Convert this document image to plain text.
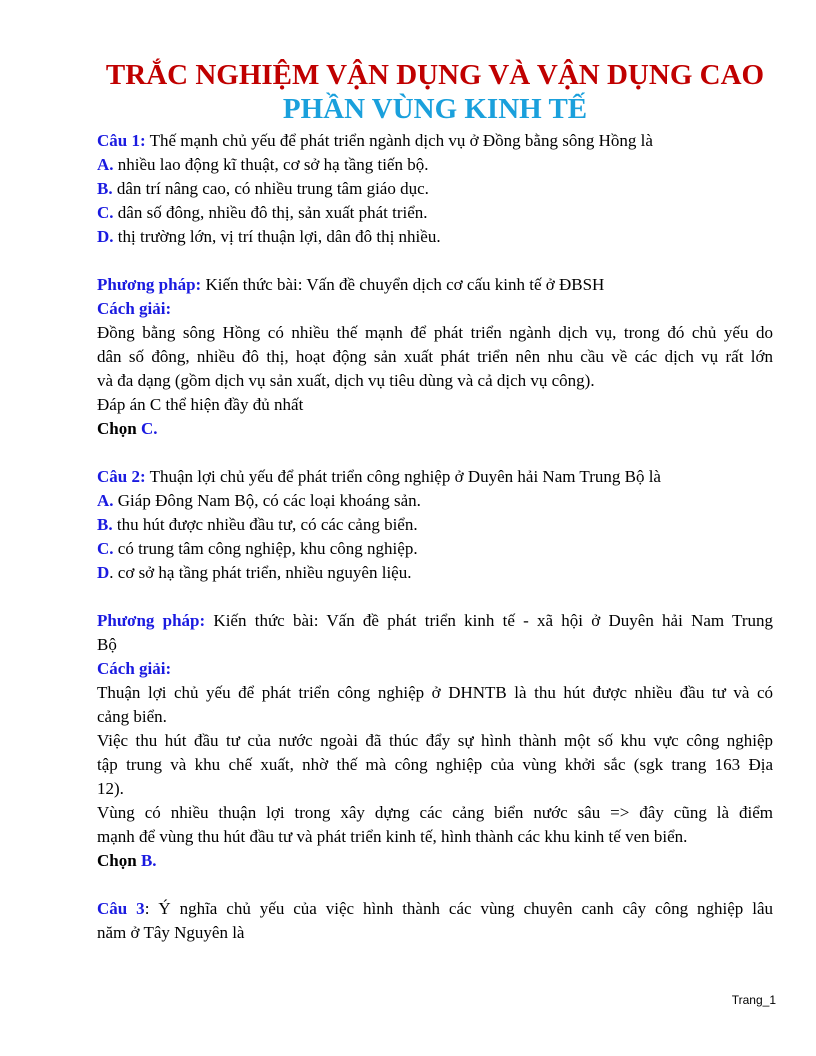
TRẮC NGHIỆM VẬN DỤNG VÀ VẬN DỤNG CAO

PHẦN VÙNG KINH TẾ

Câu 1: Thế mạnh chủ yếu để phát triển ngành dịch vụ ở Đồng bằng sông Hồng là

A. nhiều lao động kĩ thuật, cơ sở hạ tầng tiến bộ.

B. dân trí nâng cao, có nhiều trung tâm giáo dục.

C. dân số đông, nhiều đô thị, sản xuất phát triển.

D. thị trường lớn, vị trí thuận lợi, dân đô thị nhiều.

Phương pháp: Kiến thức bài: Vấn đề chuyển dịch cơ cấu kinh tế ở ĐBSH

Cách giải:

Đồng bằng sông Hồng có nhiều thế mạnh để phát triển ngành dịch vụ, trong đó chủ yếu do

dân số đông, nhiều đô thị, hoạt động sản xuất phát triển nên nhu cầu về các dịch vụ rất lớn

và đa dạng (gồm dịch vụ sản xuất, dịch vụ tiêu dùng và cả dịch vụ công).

Đáp án C thể hiện đầy đủ nhất

Chọn C.

Câu 2: Thuận lợi chủ yếu để phát triển công nghiệp ở Duyên hải Nam Trung Bộ là

A. Giáp Đông Nam Bộ, có các loại khoáng sản.

B. thu hút được nhiều đầu tư, có các cảng biển.

C. có trung tâm công nghiệp, khu công nghiệp.

D. cơ sở hạ tầng phát triển, nhiều nguyên liệu.

Phương pháp: Kiến thức bài: Vấn đề phát triển kinh tế - xã hội ở Duyên hải Nam Trung

Bộ

Cách giải:

Thuận lợi chủ yếu để phát triển công nghiệp ở DHNTB là thu hút được nhiều đầu tư và có

cảng biển.

Việc thu hút đầu tư của nước ngoài đã thúc đẩy sự hình thành một số khu vực công nghiệp

tập trung và khu chế xuất, nhờ thế mà công nghiệp của vùng khởi sắc (sgk trang 163 Địa

12).

Vùng có nhiều thuận lợi trong xây dựng các cảng biển nước sâu => đây cũng là điểm

mạnh để vùng thu hút đầu tư và phát triển kinh tế, hình thành các khu kinh tế ven biển.

Chọn B.

Câu 3: Ý nghĩa chủ yếu của việc hình thành các vùng chuyên canh cây công nghiệp lâu

năm ở Tây Nguyên là

Trang_1
